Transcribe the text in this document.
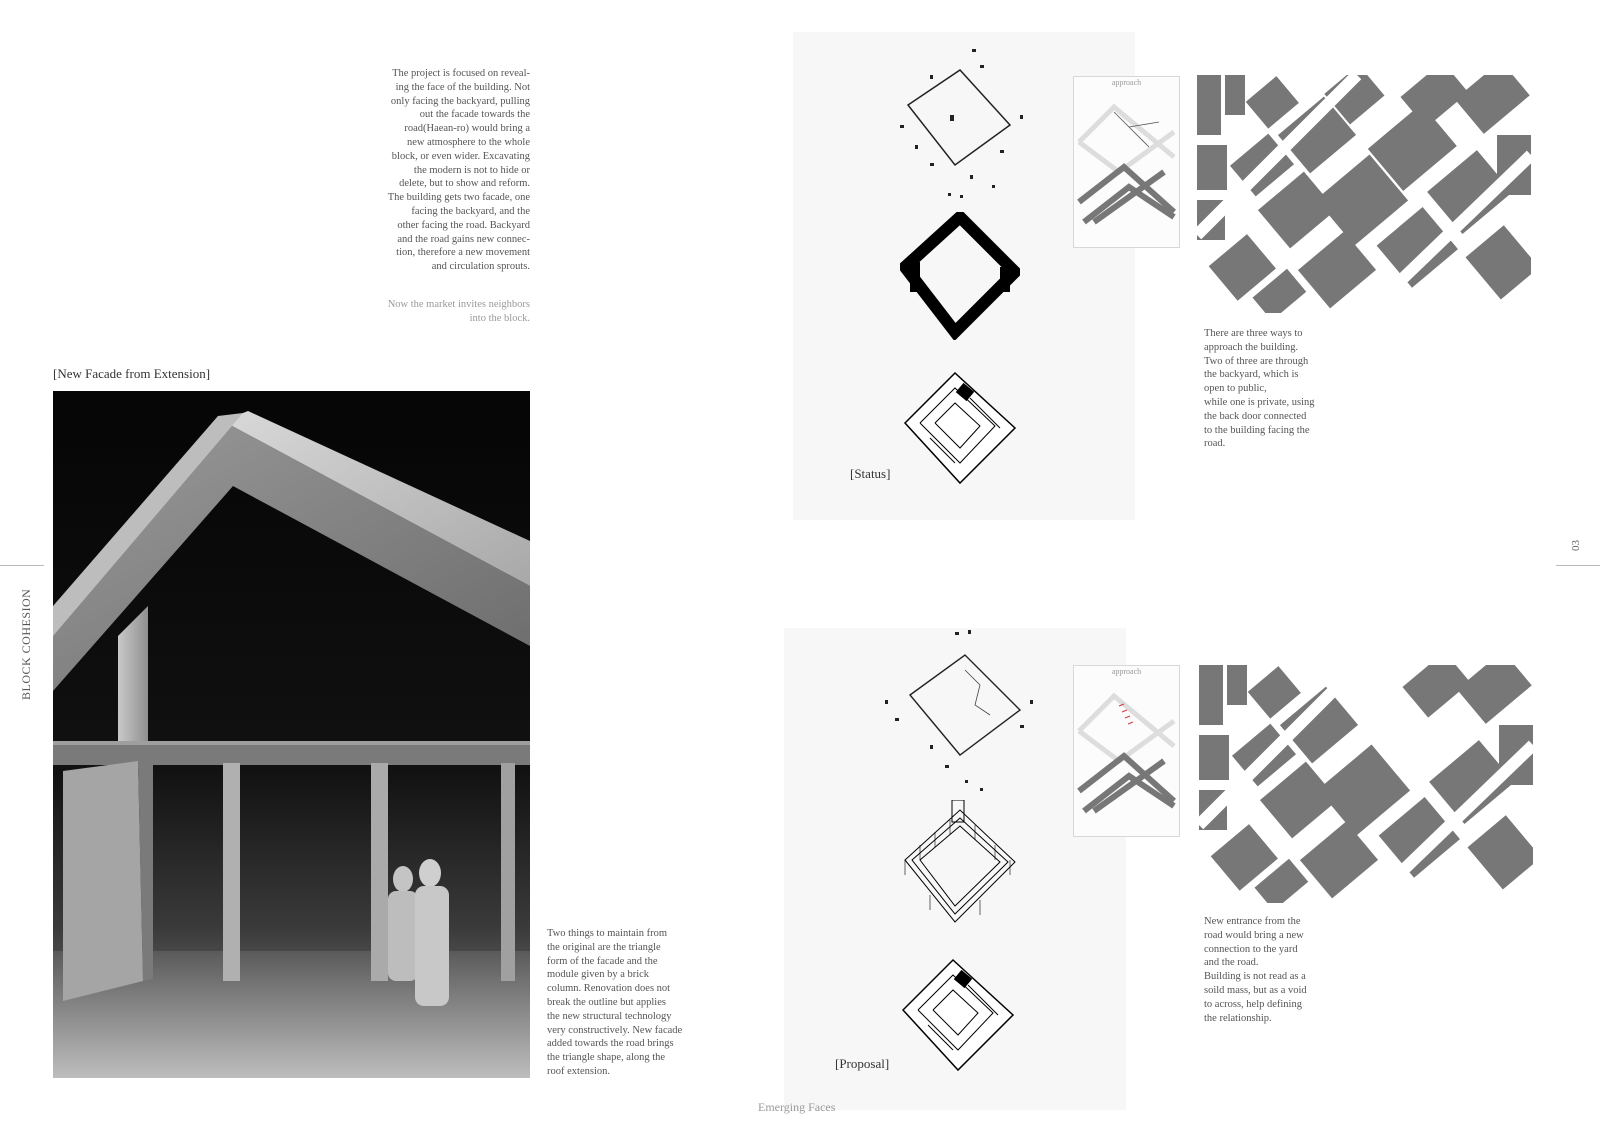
The project is focused on reveal-
ing the face of the building. Not
only facing the backyard, pulling
out the facade towards the
road(Haean-ro) would bring a
new atmosphere to the whole
block, or even wider. Excavating
the modern is not to hide or
delete, but to show and reform.
The building gets two facade, one
facing the backyard, and the
other facing the road. Backyard
and the road gains new connec-
tion, therefore a new movement
and circulation sprouts.
Now the market invites neighbors
into the block.
[New Facade from Extension]
Two things to maintain from
the original are the triangle
form of the facade and the
module given by a brick
column. Renovation does not
break the outline but applies
the new structural technology
very constructively. New facade
added towards the road brings
the triangle shape, along the
roof extension.
BLOCK COHESION
03
[Status]
approach
There are three ways to
approach the building.
Two of three are through
the backyard, which is
open to public,
while one is private, using
the back door connected
to the building facing the
road.
[Proposal]
approach
New entrance from the
road would bring a new
connection to the yard
and the road.
Building is not read as a
soild mass, but as a void
to across, help defining
the relationship.
Emerging Faces
